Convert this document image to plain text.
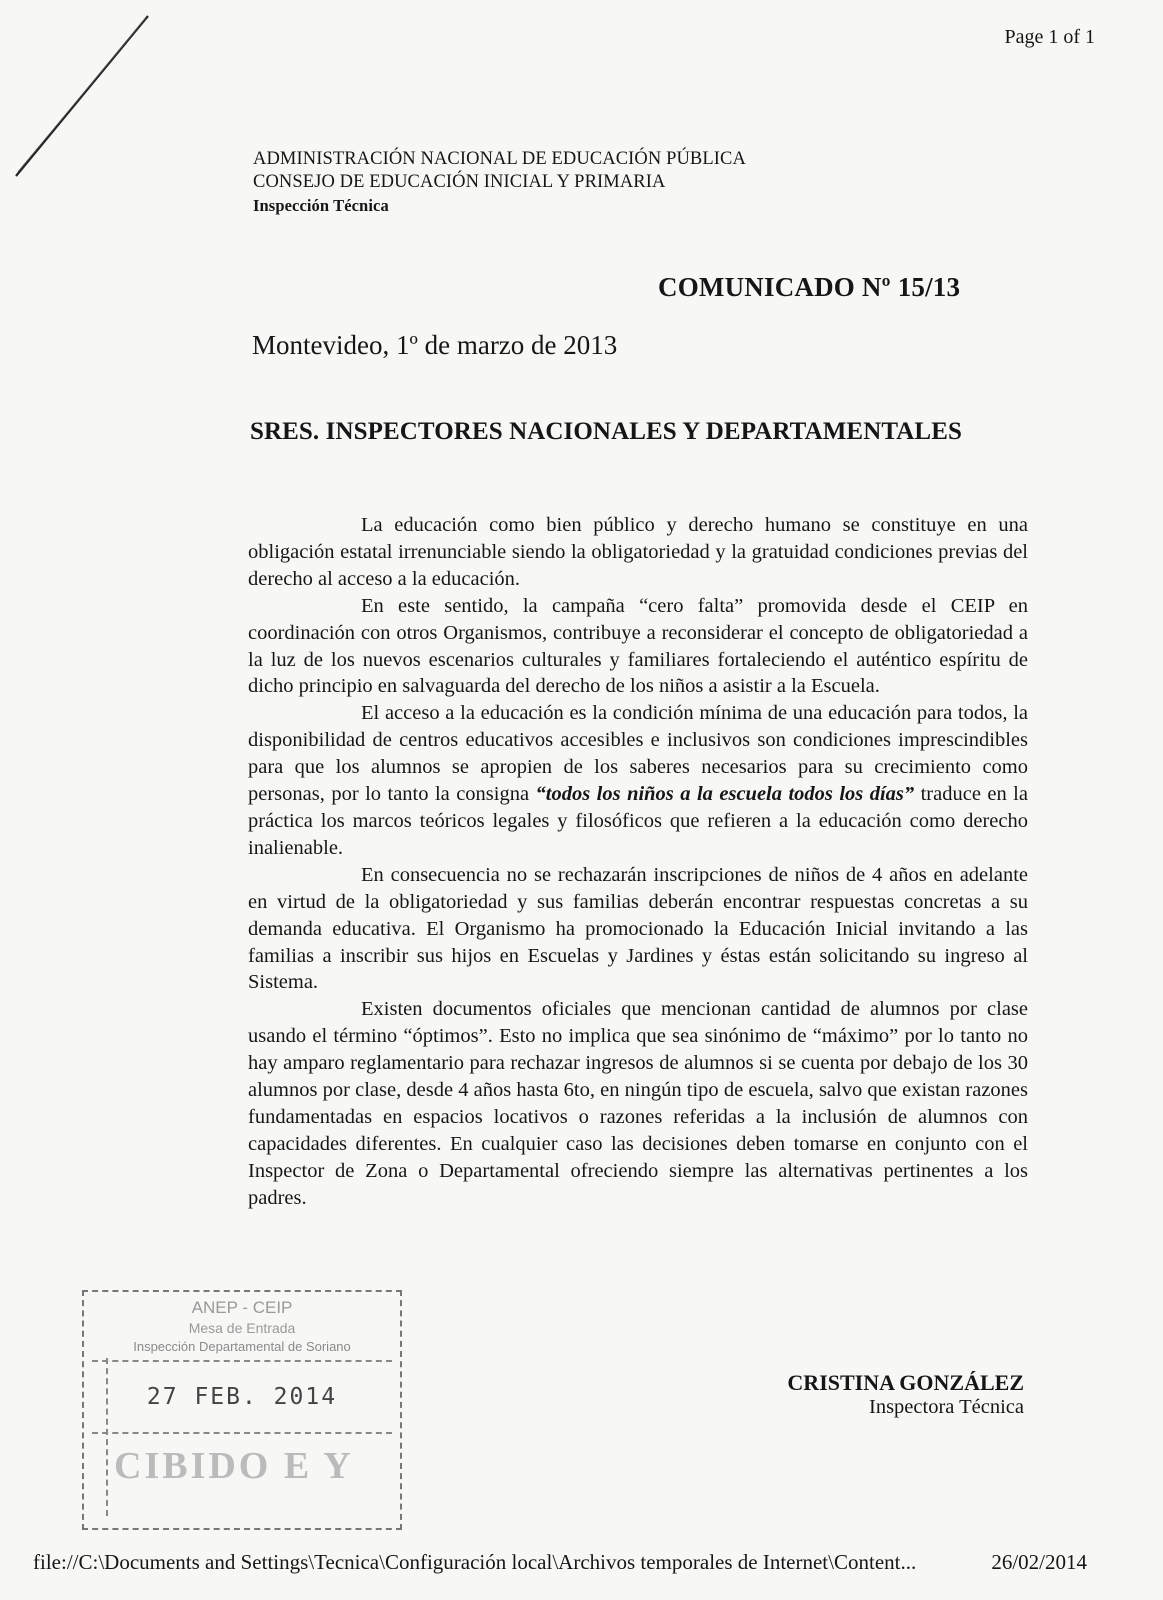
Page 1 of 1
ADMINISTRACIÓN NACIONAL DE EDUCACIÓN PÚBLICA
CONSEJO DE EDUCACIÓN INICIAL Y PRIMARIA
Inspección Técnica
COMUNICADO Nº 15/13
Montevideo, 1º de marzo de 2013
SRES. INSPECTORES NACIONALES Y DEPARTAMENTALES

La educación como bien público y derecho humano se constituye en una obligación estatal irrenunciable siendo la obligatoriedad y la gratuidad condiciones previas del derecho al acceso a la educación.

En este sentido, la campaña “cero falta” promovida desde el CEIP en coordinación con otros Organismos, contribuye a reconsiderar el concepto de obligatoriedad a la luz de los nuevos escenarios culturales y familiares fortaleciendo el auténtico espíritu de dicho principio en salvaguarda del derecho de los niños a asistir a la Escuela.

El acceso a la educación es la condición mínima de una educación para todos, la disponibilidad de centros educativos accesibles e inclusivos son condiciones imprescindibles para que los alumnos se apropien de los saberes necesarios para su crecimiento como personas, por lo tanto la consigna “todos los niños a la escuela todos los días” traduce en la práctica los marcos teóricos legales y filosóficos que refieren a la educación como derecho inalienable.

En consecuencia no se rechazarán inscripciones de niños de 4 años en adelante en virtud de la obligatoriedad y sus familias deberán encontrar respuestas concretas a su demanda educativa. El Organismo ha promocionado la Educación Inicial invitando a las familias a inscribir sus hijos en Escuelas y Jardines y éstas están solicitando su ingreso al Sistema.

Existen documentos oficiales que mencionan cantidad de alumnos por clase usando el término “óptimos”. Esto no implica que sea sinónimo de “máximo” por lo tanto no hay amparo reglamentario para rechazar ingresos de alumnos si se cuenta por debajo de los 30 alumnos por clase, desde 4 años hasta 6to, en ningún tipo de escuela, salvo que existan razones fundamentadas en espacios locativos o razones referidas a la inclusión de alumnos con capacidades diferentes. En cualquier caso las decisiones deben tomarse en conjunto con el Inspector de Zona o Departamental ofreciendo siempre las alternativas pertinentes a los padres.

ANEP - CEIP
Mesa de Entrada
Inspección Departamental de Soriano
27 FEB. 2014
CIBIDO E Y
CRISTINA GONZÁLEZ
Inspectora Técnica
file://C:\Documents and Settings\Tecnica\Configuración local\Archivos temporales de Internet\Content...	26/02/2014
